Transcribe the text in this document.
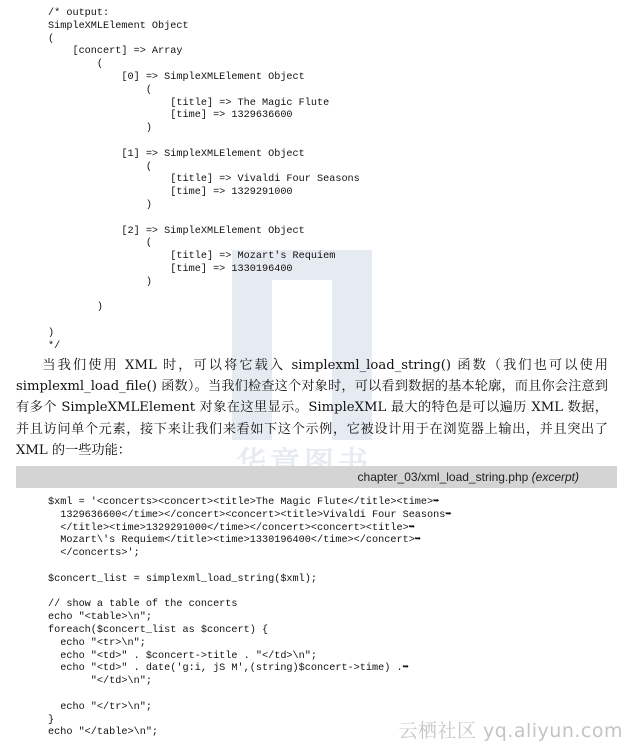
华章图书
/* output:
SimpleXMLElement Object
(
[concert] => Array
(
[0] => SimpleXMLElement Object
(
[title] => The Magic Flute
[time] => 1329636600
)

[1] => SimpleXMLElement Object
(
[title] => Vivaldi Four Seasons
[time] => 1329291000
)

[2] => SimpleXMLElement Object
(
[title] => Mozart's Requiem
[time] => 1330196400
)

)

)
*/

当我们使用 XML 时，可以将它载入 simplexml_load_string() 函数（我们也可以使用 simplexml_load_file() 函数）。当我们检查这个对象时，可以看到数据的基本轮廓，而且你会注意到有多个 SimpleXMLElement 对象在这里显示。SimpleXML 最大的特色是可以遍历 XML 数据，并且访问单个元素，接下来让我们来看如下这个示例，它被设计用于在浏览器上输出，并且突出了 XML 的一些功能：

chapter_03/xml_load_string.php (excerpt)
$xml = '<concerts><concert><title>The Magic Flute</title><time>➥
1329636600</time></concert><concert><title>Vivaldi Four Seasons➥
</title><time>1329291000</time></concert><concert><title>➥
Mozart\'s Requiem</title><time>1330196400</time></concert>➥
</concerts>';

$concert_list = simplexml_load_string($xml);

// show a table of the concerts
echo "<table>\n";
foreach($concert_list as $concert) {
echo "<tr>\n";
echo "<td>" . $concert->title . "</td>\n";
echo "<td>" . date('g:i, jS M',(string)$concert->time) .➥
"</td>\n";

echo "</tr>\n";
}
echo "</table>\n";	云栖社区 yq.aliyun.com
